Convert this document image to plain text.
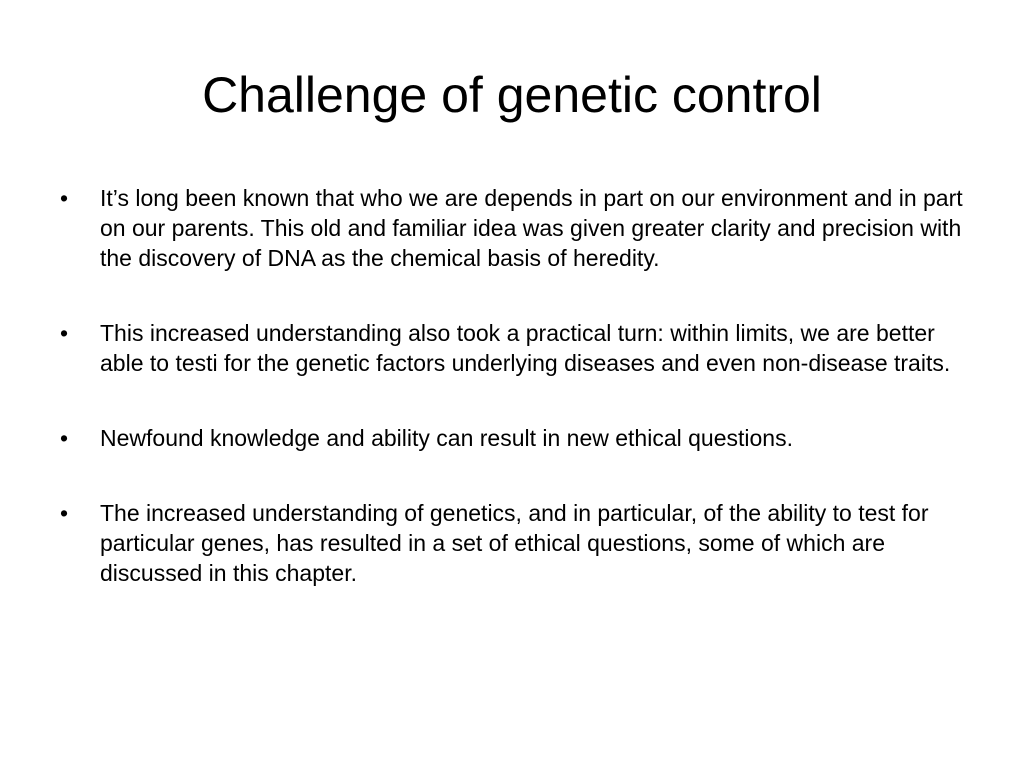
Challenge of genetic control
• It’s long been known that who we are depends in part on our environment and in part on our parents. This old and familiar idea was given greater clarity and precision with the discovery of DNA as the chemical basis of heredity.
• This increased understanding also took a practical turn: within limits, we are better able to testi for the genetic factors underlying diseases and even non-disease traits.
• Newfound knowledge and ability can result in new ethical questions.
• The increased understanding of genetics, and in particular, of the ability to test for particular genes, has resulted in a set of ethical questions, some of which are discussed in this chapter.
